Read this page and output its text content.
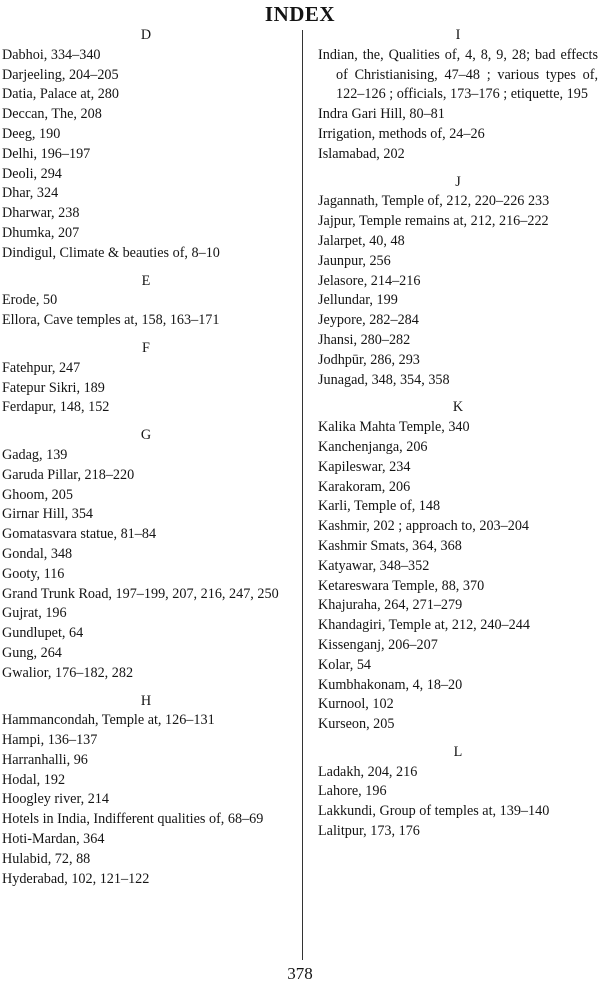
INDEX
D
Dabhoi, 334–340
Darjeeling, 204–205
Datia, Palace at, 280
Deccan, The, 208
Deeg, 190
Delhi, 196–197
Deoli, 294
Dhar, 324
Dharwar, 238
Dhumka, 207
Dindigul, Climate & beauties of, 8–10
E
Erode, 50
Ellora, Cave temples at, 158, 163–171
F
Fatehpur, 247
Fatepur Sikri, 189
Ferdapur, 148, 152
G
Gadag, 139
Garuda Pillar, 218–220
Ghoom, 205
Girnar Hill, 354
Gomatasvara statue, 81–84
Gondal, 348
Gooty, 116
Grand Trunk Road, 197–199, 207, 216, 247, 250
Gujrat, 196
Gundlupet, 64
Gung, 264
Gwalior, 176–182, 282
H
Hammancondah, Temple at, 126–131
Hampi, 136–137
Harranhalli, 96
Hodal, 192
Hoogley river, 214
Hotels in India, Indifferent qualities of, 68–69
Hoti-Mardan, 364
Hulabid, 72, 88
Hyderabad, 102, 121–122
I
Indian, the, Qualities of, 4, 8, 9, 28; bad effects of Christianising, 47–48 ; various types of, 122–126 ; officials, 173–176 ; etiquette, 195
Indra Gari Hill, 80–81
Irrigation, methods of, 24–26
Islamabad, 202
J
Jagannath, Temple of, 212, 220–226 233
Jajpur, Temple remains at, 212, 216–222
Jalarpet, 40, 48
Jaunpur, 256
Jelasore, 214–216
Jellundar, 199
Jeypore, 282–284
Jhansi, 280–282
Jodhpūr, 286, 293
Junagad, 348, 354, 358
K
Kalika Mahta Temple, 340
Kanchenjanga, 206
Kapileswar, 234
Karakoram, 206
Karli, Temple of, 148
Kashmir, 202 ; approach to, 203–204
Kashmir Smats, 364, 368
Katyawar, 348–352
Ketareswara Temple, 88, 370
Khajuraha, 264, 271–279
Khandagiri, Temple at, 212, 240–244
Kissenganj, 206–207
Kolar, 54
Kumbhakonam, 4, 18–20
Kurnool, 102
Kurseon, 205
L
Ladakh, 204, 216
Lahore, 196
Lakkundi, Group of temples at, 139–140
Lalitpur, 173, 176
378
